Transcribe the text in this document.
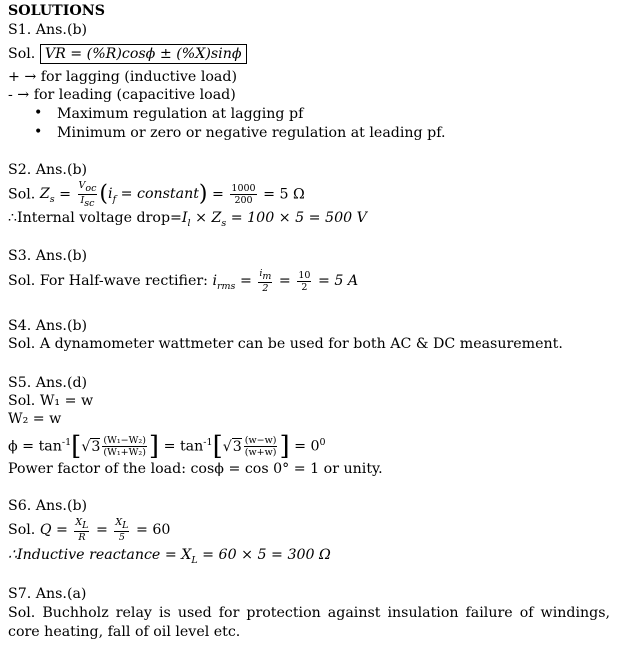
SOLUTIONS
S1. Ans.(b)
Sol. VR = (%R)cosϕ ± (%X)sinϕ
+ → for lagging (inductive load)
- → for leading (capacitive load)
• Maximum regulation at lagging pf
• Minimum or zero or negative regulation at leading pf.
S2. Ans.(b)
Sol. $Z_s = \frac{V_{oc}}{I_{sc}} (i_f$ = constant) = $\frac{1000}{200} = 5$ Ω
∴Internal voltage $drop=I_l \times Z_s = 100 \times 5 = 500$ V
S3. Ans.(b)
Sol. For Half-wave rectifier: $i_{rms} = \frac{i_m}{2} = \frac{10}{2} = 5$ A
S4. Ans.(b)
Sol. A dynamometer wattmeter can be used for both AC & DC measurement.
S5. Ans.(d)
Sol. W₁ = w
W₂ = w
$\phi = \tan^{-1}[√3 \frac{\text{(W₁−W₂)}}{\text{(W₁+W₂)}}$ ] = $\tan^{-1}[√3 \frac{(w-w)}{(w+w)}$ ] = $0^0$
Power factor of the load: cosϕ = cos 0° = 1 or unity.
S6. Ans.(b)
Sol. $Q = \frac{X_L}{R} = \frac{X_L}{5} = 60$
∴Inductive reactance = $X_L = 60 \times 5 = 300$ Ω
S7. Ans.(a)
Sol. Buchholz relay is used for protection against insulation failure of windings, core heating, fall of oil level etc.
